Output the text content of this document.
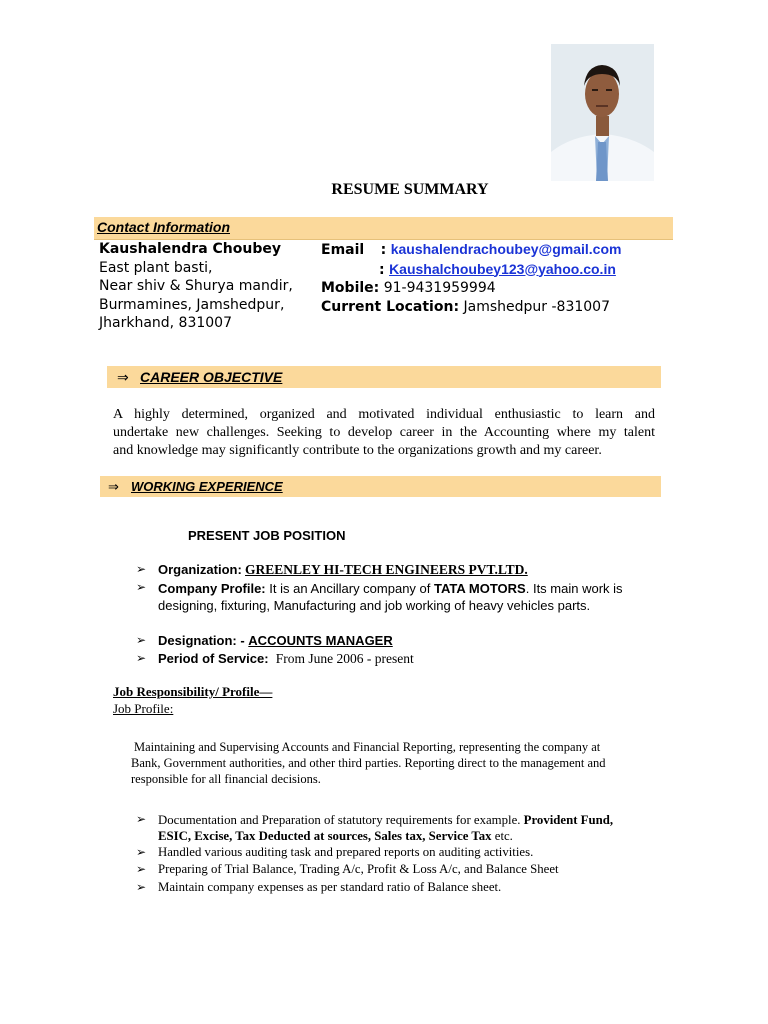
RESUME SUMMARY
Contact Information
Kaushalendra Choubey
East plant basti,
Near shiv & Shurya mandir,
Burmamines, Jamshedpur,
Jharkhand, 831007
Email : kaushalendrachoubey@gmail.com
: Kaushalchoubey123@yahoo.co.in
Mobile: 91-9431959994
Current Location: Jamshedpur -831007
⇒ CAREER OBJECTIVE
A highly determined, organized and motivated individual enthusiastic to learn and
undertake new challenges. Seeking to develop career in the Accounting where my talent
and knowledge may significantly contribute to the organizations growth and my career.
⇒ WORKING EXPERIENCE
PRESENT JOB POSITION
➢ Organization: GREENLEY HI-TECH ENGINEERS PVT.LTD.
➢ Company Profile: It is an Ancillary company of TATA MOTORS. Its main work is
designing, fixturing, Manufacturing and job working of heavy vehicles parts.
➢ Designation: - ACCOUNTS MANAGER
➢ Period of Service: From June 2006 - present
Job Responsibility/ Profile—
Job Profile:
Maintaining and Supervising Accounts and Financial Reporting, representing the company at
Bank, Government authorities, and other third parties. Reporting direct to the management and
responsible for all financial decisions.
➢ Documentation and Preparation of statutory requirements for example. Provident Fund,
ESIC, Excise, Tax Deducted at sources, Sales tax, Service Tax etc.
➢ Handled various auditing task and prepared reports on auditing activities.
➢ Preparing of Trial Balance, Trading A/c, Profit & Loss A/c, and Balance Sheet
➢ Maintain company expenses as per standard ratio of Balance sheet.
